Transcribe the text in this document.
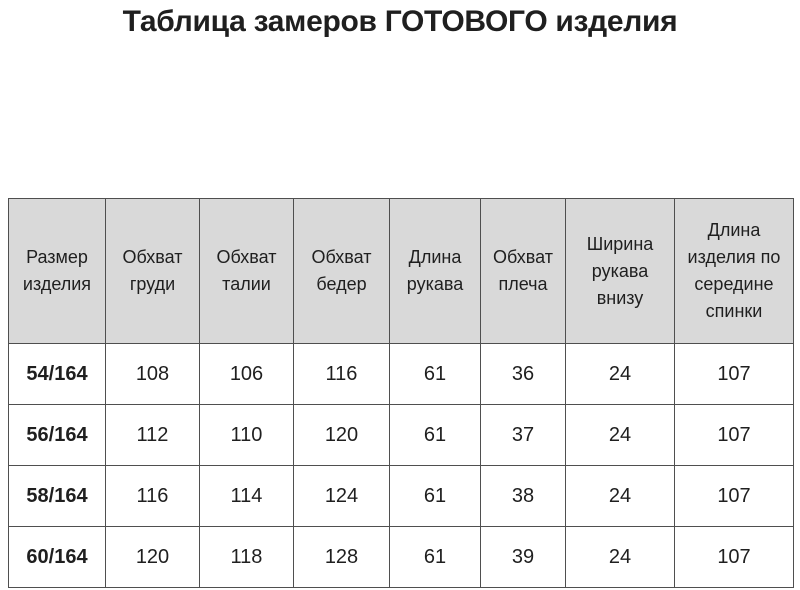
Таблица замеров ГОТОВОГО изделия
Размер изделия	Обхват груди	Обхват талии	Обхват бедер	Длина рукава	Обхват плеча	Ширина рукава внизу	Длина изделия по середине спинки
54/164	108	106	116	61	36	24	107
56/164	112	110	120	61	37	24	107
58/164	116	114	124	61	38	24	107
60/164	120	118	128	61	39	24	107
